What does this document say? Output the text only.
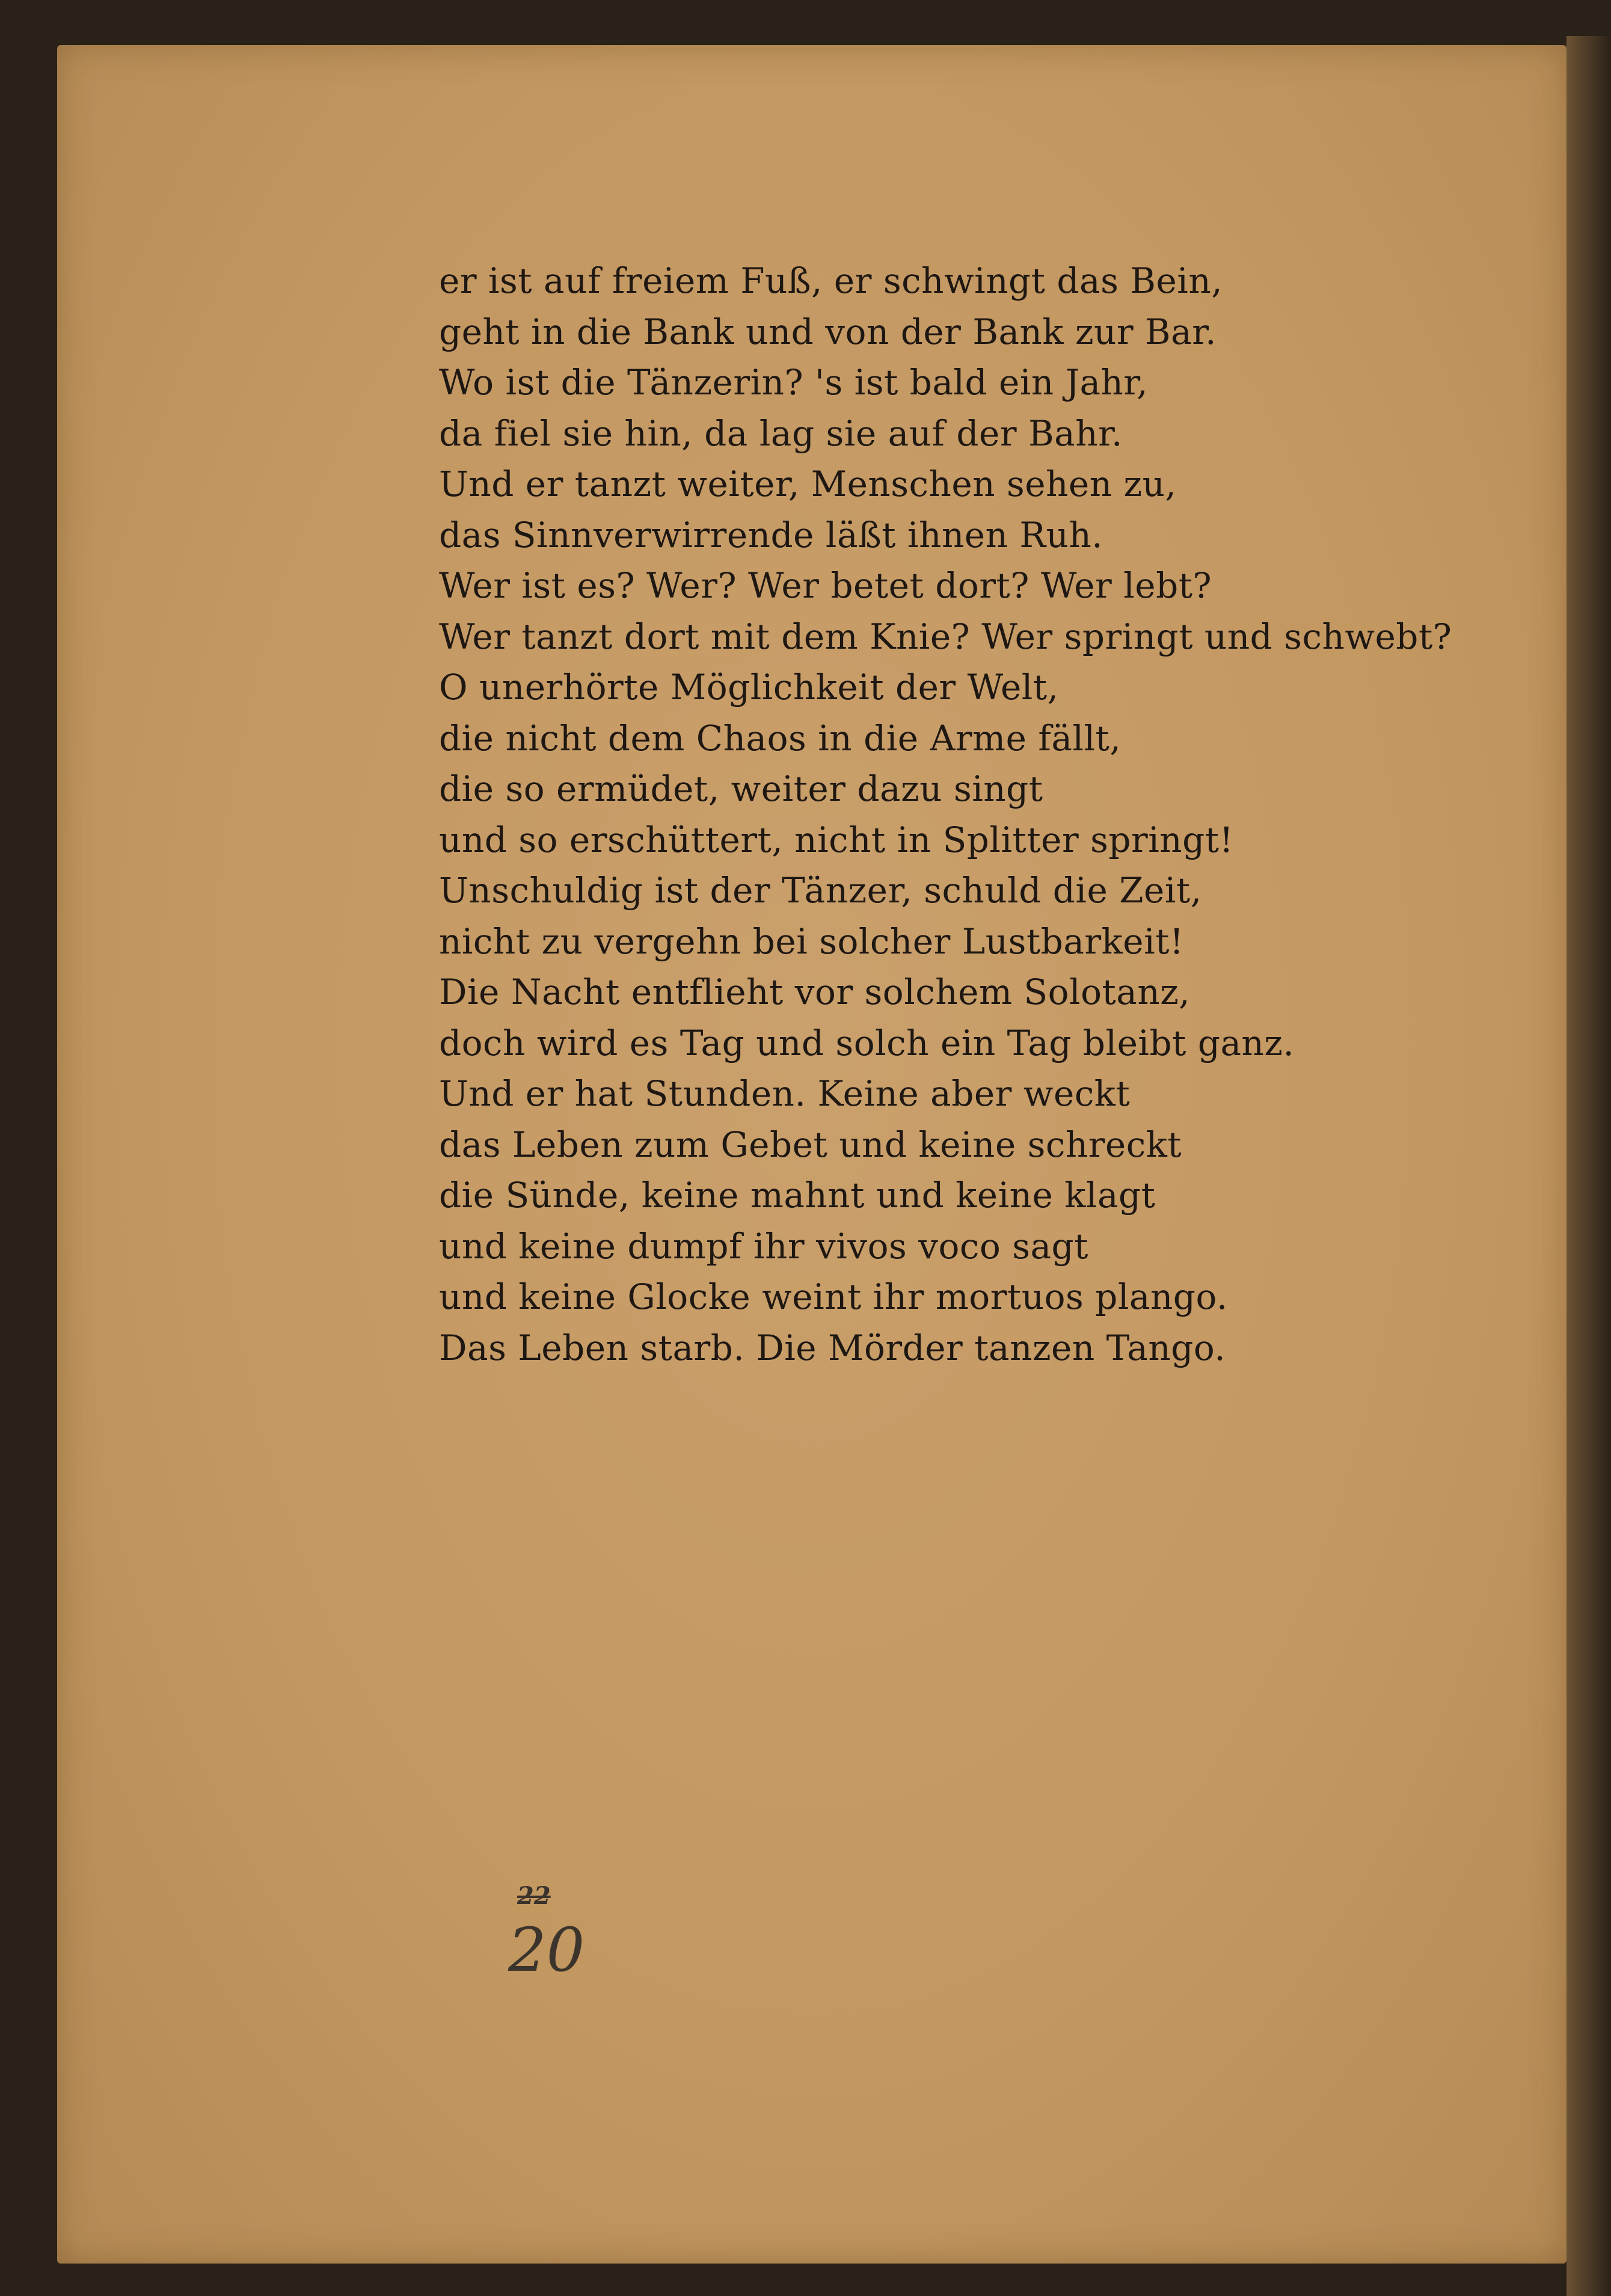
er ist auf freiem Fuß, er schwingt das Bein,
geht in die Bank und von der Bank zur Bar.
Wo ist die Tänzerin? 's ist bald ein Jahr,
da fiel sie hin, da lag sie auf der Bahr.
Und er tanzt weiter, Menschen sehen zu,
das Sinnverwirrende läßt ihnen Ruh.
Wer ist es? Wer? Wer betet dort? Wer lebt?
Wer tanzt dort mit dem Knie? Wer springt und schwebt?
O unerhörte Möglichkeit der Welt,
die nicht dem Chaos in die Arme fällt,
die so ermüdet, weiter dazu singt
und so erschüttert, nicht in Splitter springt!
Unschuldig ist der Tänzer, schuld die Zeit,
nicht zu vergehn bei solcher Lustbarkeit!
Die Nacht entflieht vor solchem Solotanz,
doch wird es Tag und solch ein Tag bleibt ganz.
Und er hat Stunden. Keine aber weckt
das Leben zum Gebet und keine schreckt
die Sünde, keine mahnt und keine klagt
und keine dumpf ihr vivos voco sagt
und keine Glocke weint ihr mortuos plango.
Das Leben starb. Die Mörder tanzen Tango.
22
20
